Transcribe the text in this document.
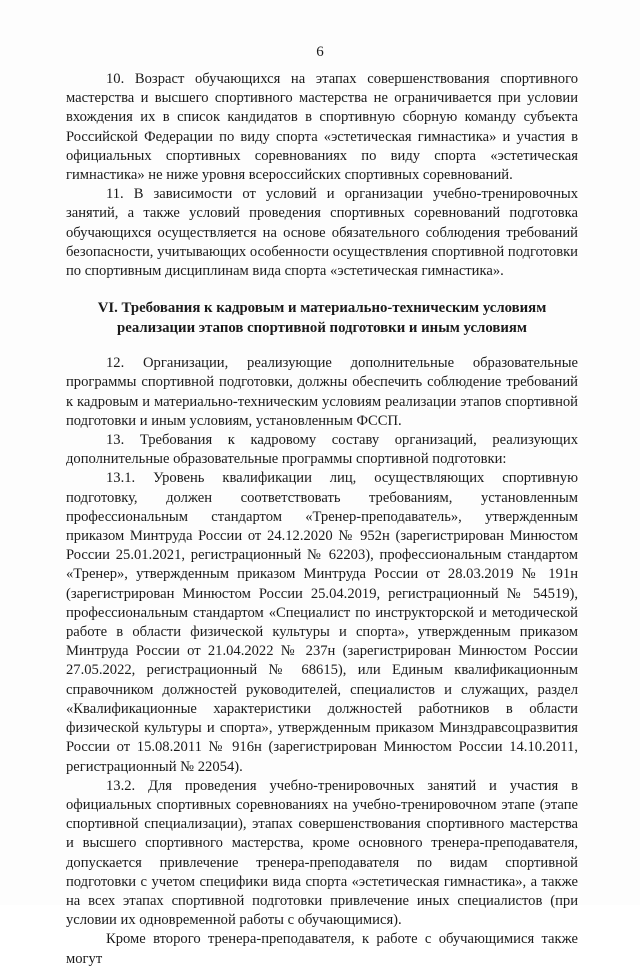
6

10. Возраст обучающихся на этапах совершенствования спортивного мастерства и высшего спортивного мастерства не ограничивается при условии вхождения их в список кандидатов в спортивную сборную команду субъекта Российской Федерации по виду спорта «эстетическая гимнастика» и участия в официальных спортивных соревнованиях по виду спорта «эстетическая гимнастика» не ниже уровня всероссийских спортивных соревнований.

11. В зависимости от условий и организации учебно-тренировочных занятий, а также условий проведения спортивных соревнований подготовка обучающихся осуществляется на основе обязательного соблюдения требований безопасности, учитывающих особенности осуществления спортивной подготовки по спортивным дисциплинам вида спорта «эстетическая гимнастика».

VI. Требования к кадровым и материально-техническим условиям
реализации этапов спортивной подготовки и иным условиям

12. Организации, реализующие дополнительные образовательные программы спортивной подготовки, должны обеспечить соблюдение требований к кадровым и материально-техническим условиям реализации этапов спортивной подготовки и иным условиям, установленным ФССП.

13. Требования к кадровому составу организаций, реализующих дополнительные образовательные программы спортивной подготовки:

13.1. Уровень квалификации лиц, осуществляющих спортивную подготовку, должен соответствовать требованиям, установленным профессиональным стандартом «Тренер-преподаватель», утвержденным приказом Минтруда России от 24.12.2020 № 952н (зарегистрирован Минюстом России 25.01.2021, регистрационный № 62203), профессиональным стандартом «Тренер», утвержденным приказом Минтруда России от 28.03.2019 № 191н (зарегистрирован Минюстом России 25.04.2019, регистрационный № 54519), профессиональным стандартом «Специалист по инструкторской и методической работе в области физической культуры и спорта», утвержденным приказом Минтруда России от 21.04.2022 № 237н (зарегистрирован Минюстом России 27.05.2022, регистрационный № 68615), или Единым квалификационным справочником должностей руководителей, специалистов и служащих, раздел «Квалификационные характеристики должностей работников в области физической культуры и спорта», утвержденным приказом Минздравсоцразвития России от 15.08.2011 № 916н (зарегистрирован Минюстом России 14.10.2011, регистрационный № 22054).

13.2. Для проведения учебно-тренировочных занятий и участия в официальных спортивных соревнованиях на учебно-тренировочном этапе (этапе спортивной специализации), этапах совершенствования спортивного мастерства и высшего спортивного мастерства, кроме основного тренера-преподавателя, допускается привлечение тренера-преподавателя по видам спортивной подготовки с учетом специфики вида спорта «эстетическая гимнастика», а также на всех этапах спортивной подготовки привлечение иных специалистов (при условии их одновременной работы с обучающимися).

Кроме второго тренера-преподавателя, к работе с обучающимися также могут
